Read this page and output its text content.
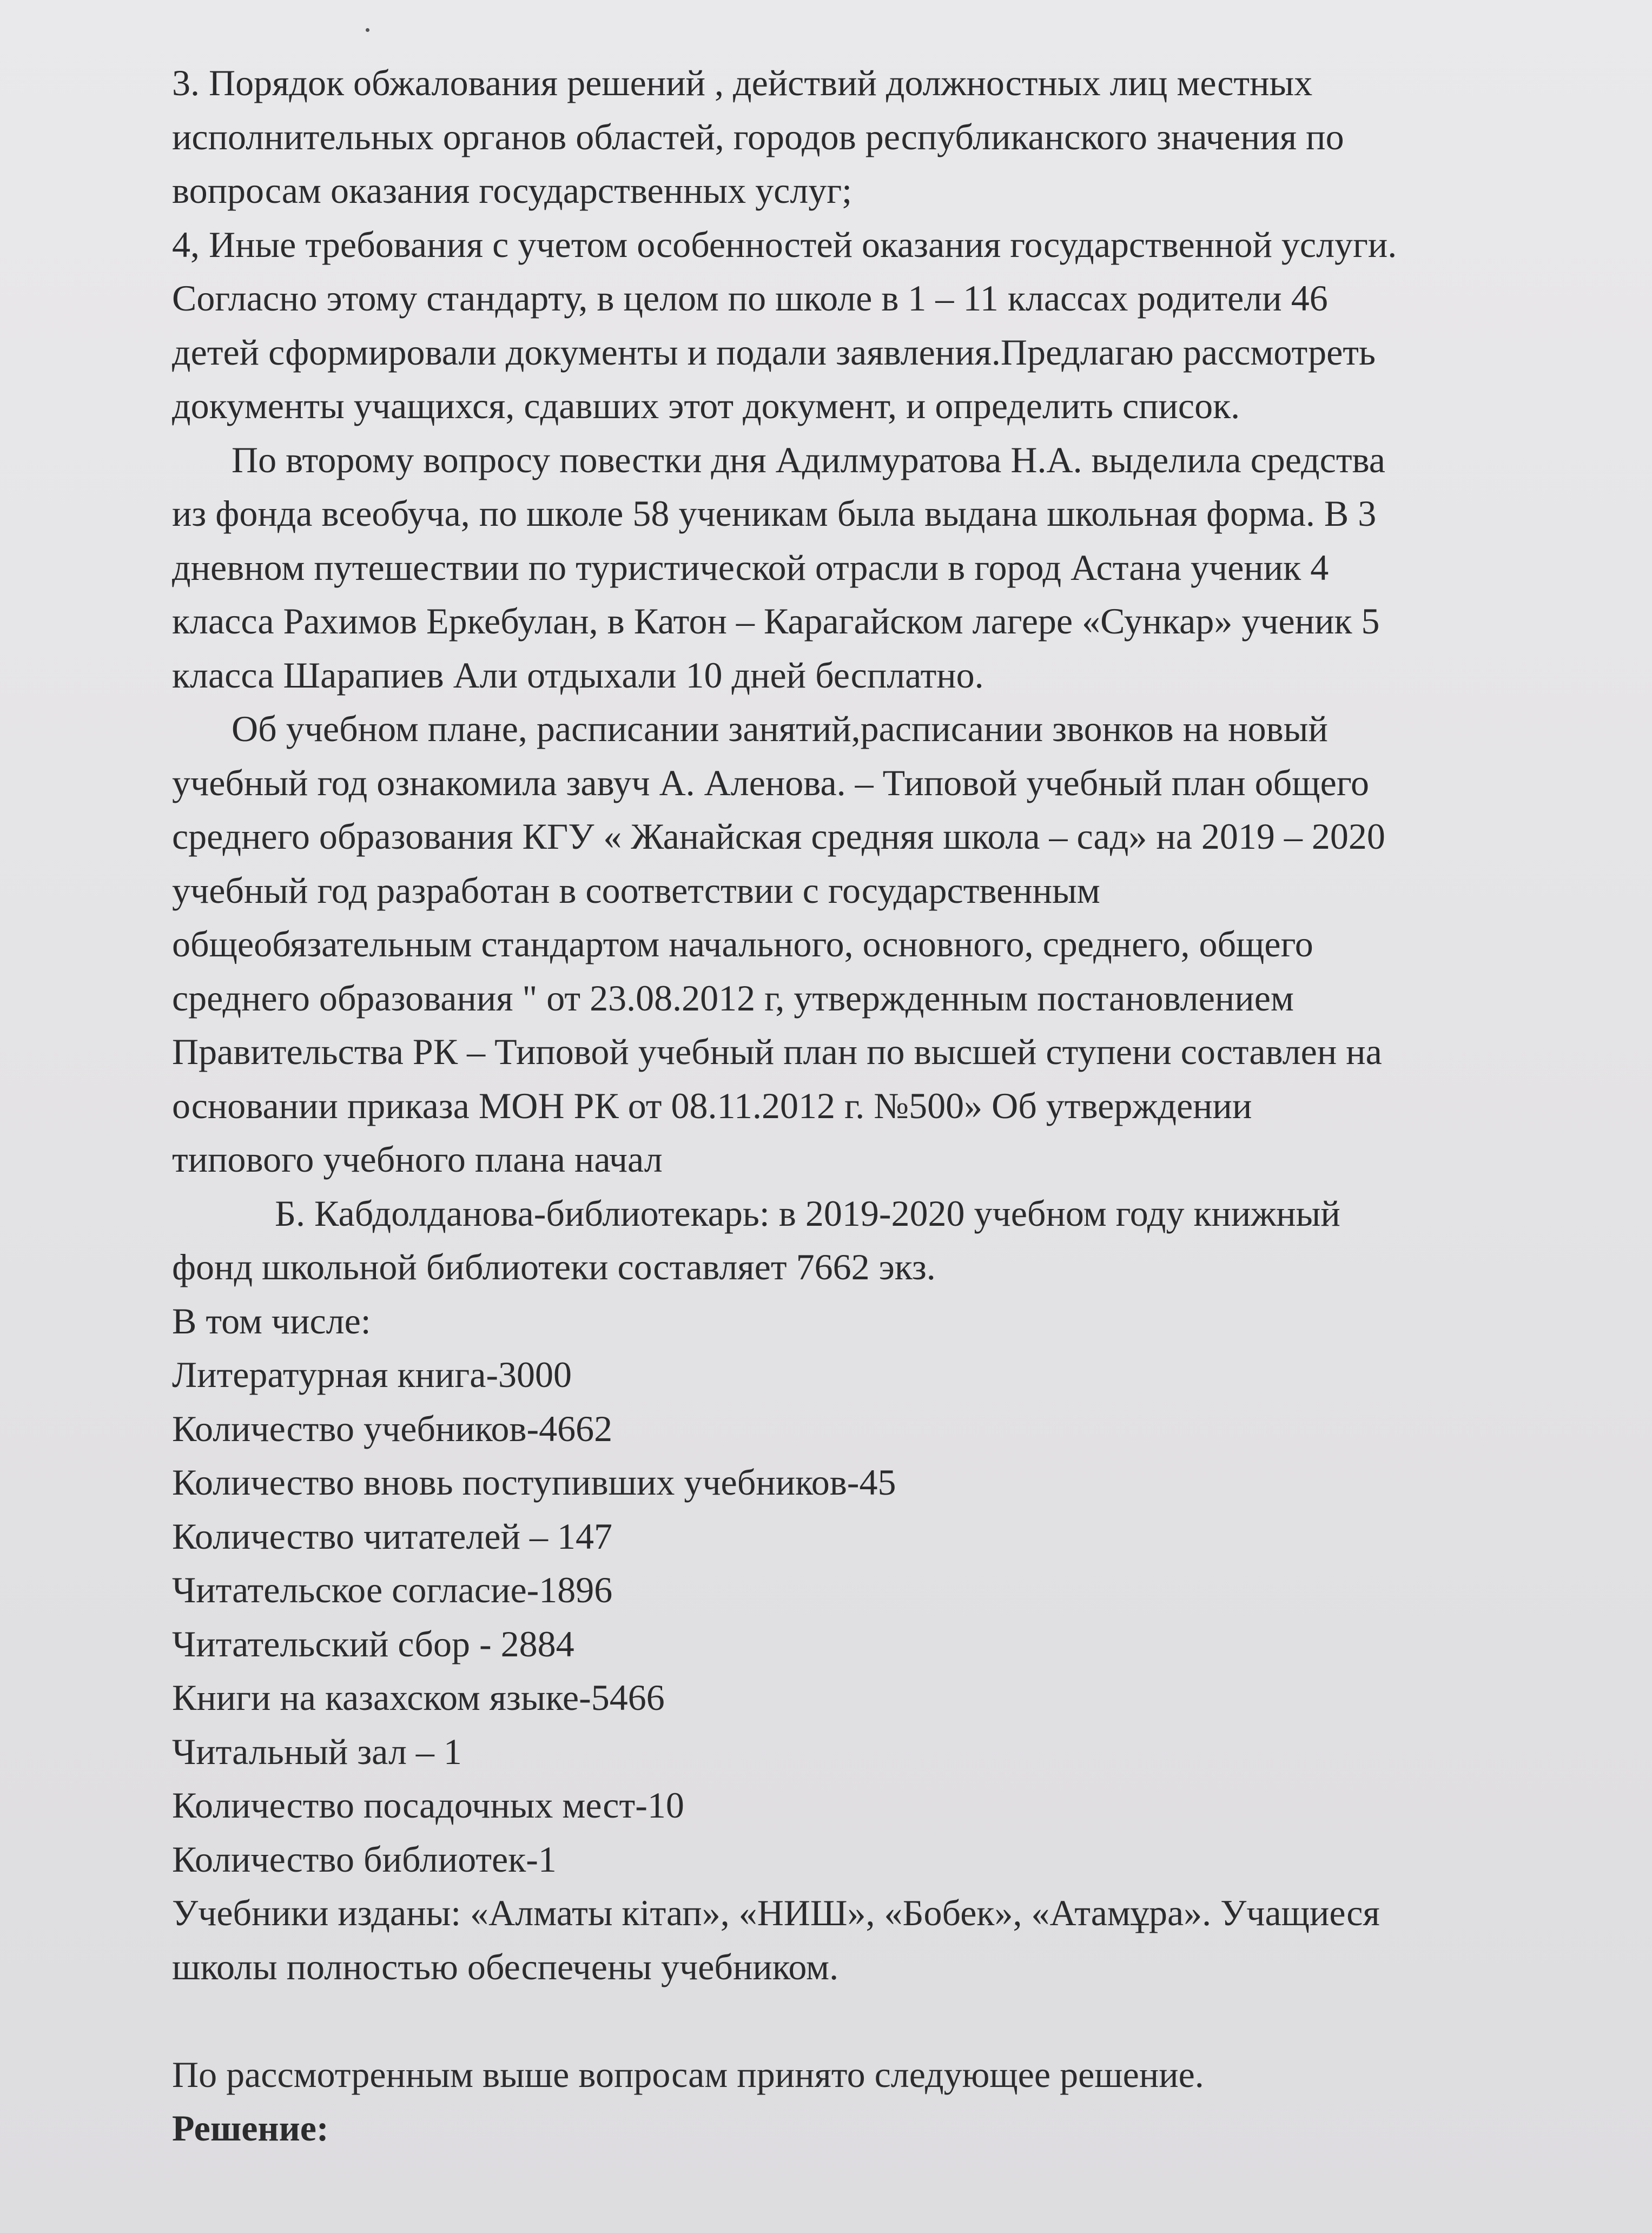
3. Порядок обжалования решений , действий должностных лиц местных
исполнительных органов областей, городов республиканского значения по
вопросам оказания государственных услуг;
4, Иные требования с учетом особенностей оказания государственной услуги.
Согласно этому стандарту, в целом по школе в 1 – 11 классах родители 46
детей сформировали документы и подали заявления.Предлагаю рассмотреть
документы учащихся, сдавших этот документ, и определить список.
По второму вопросу повестки дня Адилмуратова Н.А. выделила средства
из фонда всеобуча, по школе 58 ученикам была выдана школьная форма. В 3
дневном путешествии по туристической отрасли в город Астана ученик 4
класса Рахимов Еркебулан, в Катон – Карагайском лагере «Сункар» ученик 5
класса Шарапиев Али отдыхали 10 дней бесплатно.
Об учебном плане, расписании занятий,расписании звонков на новый
учебный год ознакомила завуч А. Аленова. – Типовой учебный план общего
среднего образования КГУ « Жанайская средняя школа – сад» на 2019 – 2020
учебный год разработан в соответствии с государственным
общеобязательным стандартом начального, основного, среднего, общего
среднего образования " от 23.08.2012 г, утвержденным постановлением
Правительства РК – Типовой учебный план по высшей ступени составлен на
основании приказа МОН РК от 08.11.2012 г. №500» Об утверждении
типового учебного плана начал
Б. Кабдолданова-библиотекарь: в 2019-2020 учебном году книжный
фонд школьной библиотеки составляет 7662 экз.
В том числе:
Литературная книга-3000
Количество учебников-4662
Количество вновь поступивших учебников-45
Количество читателей – 147
Читательское согласие-1896
Читательский сбор - 2884
Книги на казахском языке-5466
Читальный зал – 1
Количество посадочных мест-10
Количество библиотек-1
Учебники изданы: «Алматы кітап», «НИШ», «Бобек», «Атамұра». Учащиеся
школы полностью обеспечены учебником.
По рассмотренным выше вопросам принято следующее решение.
Решение:
